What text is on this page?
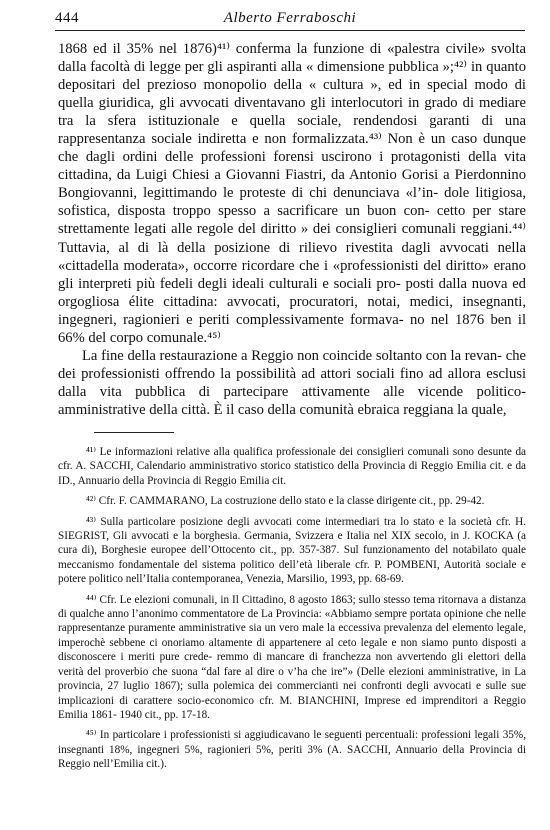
444	Alberto Ferraboschi

1868 ed il 35% nel 1876)⁴¹⁾ conferma la funzione di «palestra civile» svolta dalla facoltà di legge per gli aspiranti alla « dimensione pubblica »;⁴²⁾ in quanto depositari del prezioso monopolio della « cultura », ed in special modo di quella giuridica, gli avvocati diventavano gli interlocutori in grado di mediare tra la sfera istituzionale e quella sociale, rendendosi garanti di una rappresentanza sociale indiretta e non formalizzata.⁴³⁾ Non è un caso dunque che dagli ordini delle professioni forensi uscirono i protagonisti della vita cittadina, da Luigi Chiesi a Giovanni Fiastri, da Antonio Gorisi a Pierdonnino Bongiovanni, legittimando le proteste di chi denunciava «l’in- dole litigiosa, sofistica, disposta troppo spesso a sacrificare un buon con- cetto per stare strettamente legati alle regole del diritto » dei consiglieri comunali reggiani.⁴⁴⁾ Tuttavia, al di là della posizione di rilievo rivestita dagli avvocati nella «cittadella moderata», occorre ricordare che i «professionisti del diritto» erano gli interpreti più fedeli degli ideali culturali e sociali pro- posti dalla nuova ed orgogliosa élite cittadina: avvocati, procuratori, notai, medici, insegnanti, ingegneri, ragionieri e periti complessivamente formava- no nel 1876 ben il 66% del corpo comunale.⁴⁵⁾

La fine della restaurazione a Reggio non coincide soltanto con la revan- che dei professionisti offrendo la possibilità ad attori sociali fino ad allora esclusi dalla vita pubblica di partecipare attivamente alle vicende politico- amministrative della città. È il caso della comunità ebraica reggiana la quale,

⁴¹⁾ Le informazioni relative alla qualifica professionale dei consiglieri comunali sono desunte da cfr. A. SACCHI, Calendario amministrativo storico statistico della Provincia di Reggio Emilia cit. e da ID., Annuario della Provincia di Reggio Emilia cit.

⁴²⁾ Cfr. F. CAMMARANO, La costruzione dello stato e la classe dirigente cit., pp. 29-42.

⁴³⁾ Sulla particolare posizione degli avvocati come intermediari tra lo stato e la società cfr. H. SIEGRIST, Gli avvocati e la borghesia. Germania, Svizzera e Italia nel XIX secolo, in J. KOCKA (a cura di), Borghesie europee dell’Ottocento cit., pp. 357-387. Sul funzionamento del notabilato quale meccanismo fondamentale del sistema politico dell’età liberale cfr. P. POMBENI, Autorità sociale e potere politico nell’Italia contemporanea, Venezia, Marsilio, 1993, pp. 68-69.

⁴⁴⁾ Cfr. Le elezioni comunali, in Il Cittadino, 8 agosto 1863; sullo stesso tema ritornava a distanza di qualche anno l’anonimo commentatore de La Provincia: «Abbiamo sempre portata opinione che nelle rappresentanze puramente amministrative sia un vero male la eccessiva prevalenza del elemento legale, imperochè sebbene ci onoriamo altamente di appartenere al ceto legale e non siamo punto disposti a disconoscere i meriti pure crede- remmo di mancare di franchezza non avvertendo gli elettori della verità del proverbio che suona “dal fare al dire o v’ha che ire”» (Delle elezioni amministrative, in La provincia, 27 luglio 1867); sulla polemica dei commercianti nei confronti degli avvocati e sulle sue implicazioni di carattere socio-economico cfr. M. BIANCHINI, Imprese ed imprenditori a Reggio Emilia 1861- 1940 cit., pp. 17-18.

⁴⁵⁾ In particolare i professionisti si aggiudicavano le seguenti percentuali: professioni legali 35%, insegnanti 18%, ingegneri 5%, ragionieri 5%, periti 3% (A. SACCHI, Annuario della Provincia di Reggio nell’Emilia cit.).
